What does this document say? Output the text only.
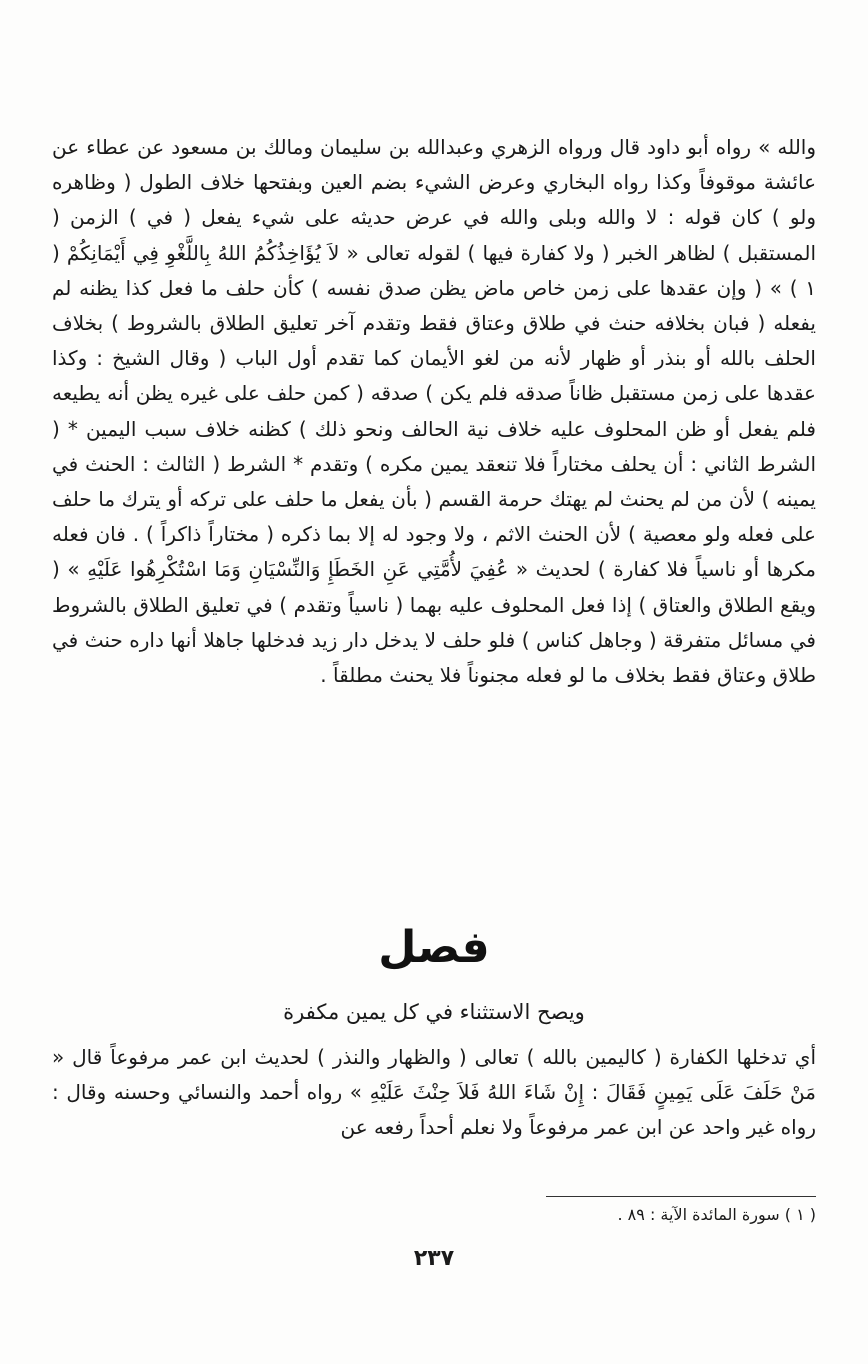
والله » رواه أبو داود قال ورواه الزهري وعبدالله بن سليمان ومالك بن مسعود عن عطاء عن عائشة موقوفاً وكذا رواه البخاري وعرض الشيء بضم العين وبفتحها خلاف الطول ( وظاهره ولو ) كان قوله : لا والله وبلى والله في عرض حديثه على شيء يفعل ( في ) الزمن ( المستقبل ) لظاهر الخبر ( ولا كفارة فيها ) لقوله تعالى « لاَ يُؤَاخِذُكُمُ اللهُ بِاللَّغْوِ فِي أَيْمَانِكُمْ ( ١ ) » ( وإن عقدها على زمن خاص ماض يظن صدق نفسه ) كأن حلف ما فعل كذا يظنه لم يفعله ( فبان بخلافه حنث في طلاق وعتاق فقط وتقدم آخر تعليق الطلاق بالشروط ) بخلاف الحلف بالله أو بنذر أو ظهار لأنه من لغو الأيمان كما تقدم أول الباب ( وقال الشيخ : وكذا عقدها على زمن مستقبل ظاناً صدقه فلم يكن ) صدقه ( كمن حلف على غيره يظن أنه يطيعه فلم يفعل أو ظن المحلوف عليه خلاف نية الحالف ونحو ذلك ) كظنه خلاف سبب اليمين * ( الشرط الثاني : أن يحلف مختاراً فلا تنعقد يمين مكره ) وتقدم * الشرط ( الثالث : الحنث في يمينه ) لأن من لم يحنث لم يهتك حرمة القسم ( بأن يفعل ما حلف على تركه أو يترك ما حلف على فعله ولو معصية ) لأن الحنث الاثم ، ولا وجود له إلا بما ذكره ( مختاراً ذاكراً ) . فان فعله مكرها أو ناسياً فلا كفارة ) لحديث « عُفِيَ لأُمَّتِي عَنِ الخَطَإِ وَالنِّسْيَانِ وَمَا اسْتُكْرِهُوا عَلَيْهِ » ( ويقع الطلاق والعتاق ) إذا فعل المحلوف عليه بهما ( ناسياً وتقدم ) في تعليق الطلاق بالشروط في مسائل متفرقة ( وجاهل كناس ) فلو حلف لا يدخل دار زيد فدخلها جاهلا أنها داره حنث في طلاق وعتاق فقط بخلاف ما لو فعله مجنوناً فلا يحنث مطلقاً .

فصل
ويصح الاستثناء في كل يمين مكفرة

أي تدخلها الكفارة ( كاليمين بالله ) تعالى ( والظهار والنذر ) لحديث ابن عمر مرفوعاً قال « مَنْ حَلَفَ عَلَى يَمِينٍ فَقَالَ : إِنْ شَاءَ اللهُ فَلاَ حِنْثَ عَلَيْهِ » رواه أحمد والنسائي وحسنه وقال : رواه غير واحد عن ابن عمر مرفوعاً ولا نعلم أحداً رفعه عن

( ١ ) سورة المائدة الآية : ٨٩ .
٢٣٧
